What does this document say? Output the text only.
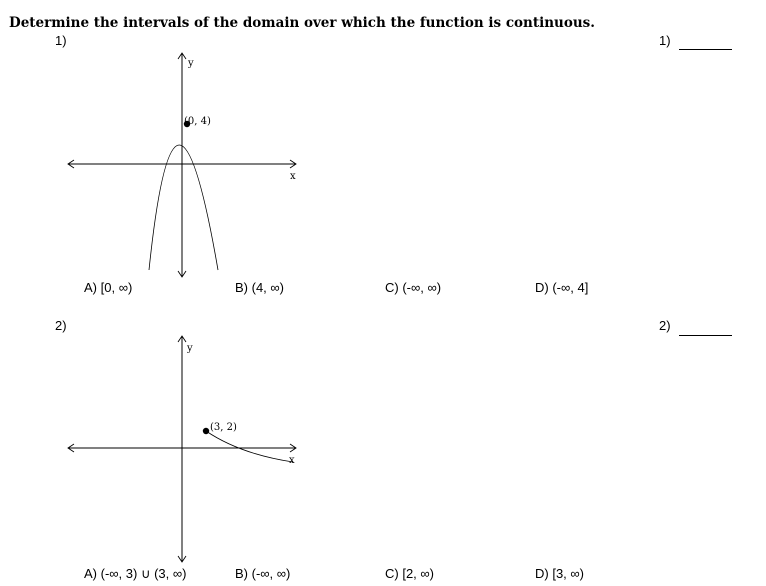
Determine the intervals of the domain over which the function is continuous.
1)	1)
y
x
(0, 4)
A) [0, ∞)	B) (4, ∞)	C) (-∞, ∞)	D) (-∞, 4]
2)	2)
y
x
(3, 2)
A) (-∞, 3) ∪ (3, ∞)	B) (-∞, ∞)	C) [2, ∞)	D) [3, ∞)
